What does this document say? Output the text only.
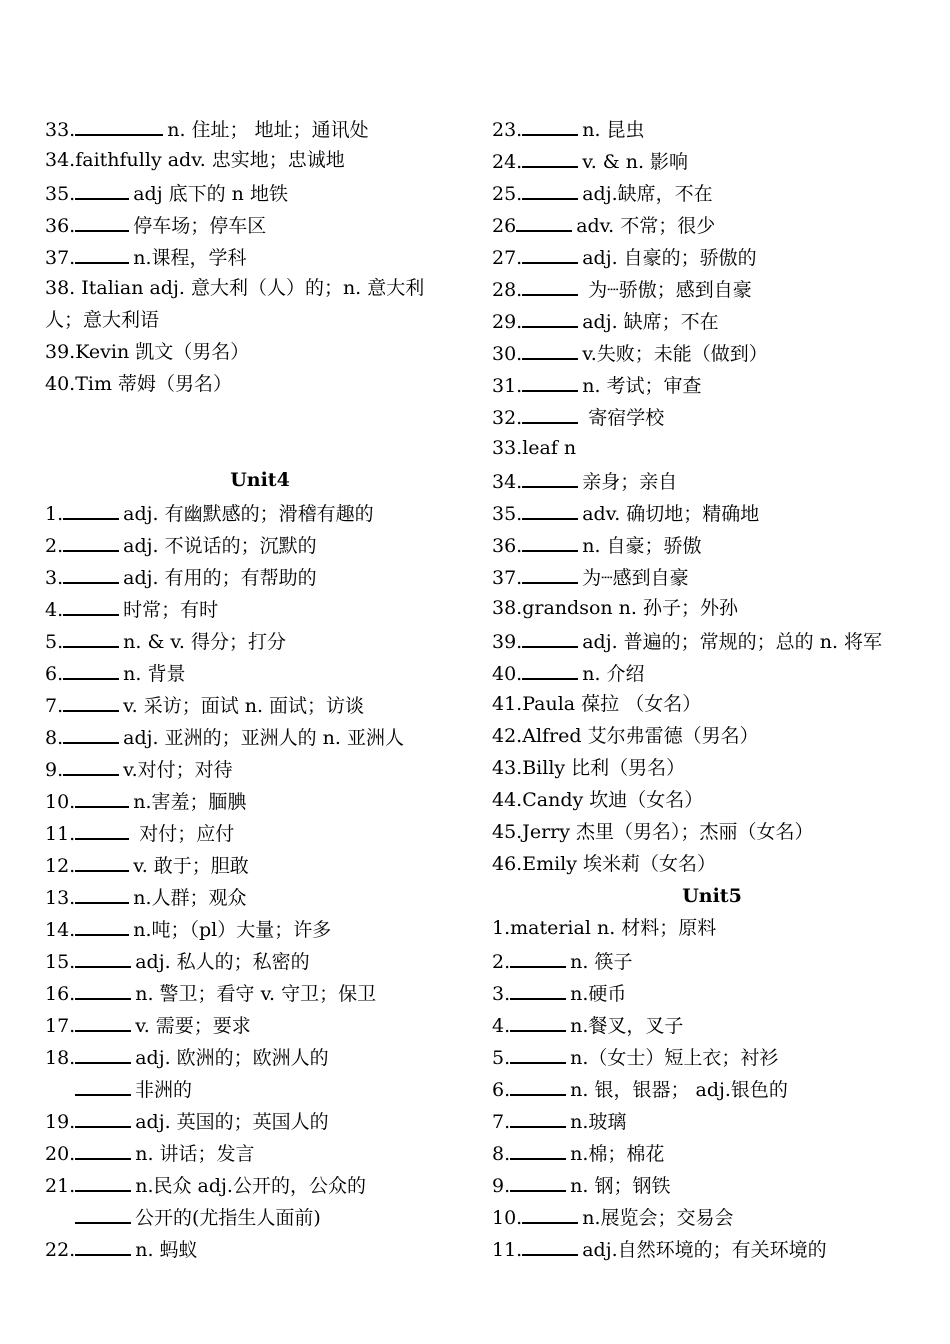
33.	n. 住址； 地址；通讯处
34.faithfully adv. 忠实地；忠诚地
35.	adj 底下的 n 地铁
36.	停车场；停车区
37.	n.课程，学科
38. Italian adj. 意大利（人）的；n. 意大利
人；意大利语
39.Kevin 凯文（男名）
40.Tim 蒂姆（男名）
Unit4
1.	adj. 有幽默感的；滑稽有趣的
2.	adj. 不说话的；沉默的
3.	adj. 有用的；有帮助的
4.	时常；有时
5.	n. & v. 得分；打分
6.	n. 背景
7.	v. 采访；面试 n. 面试；访谈
8.	adj. 亚洲的；亚洲人的 n. 亚洲人
9.	v.对付；对待
10.	n.害羞；腼腆
11.	对付；应付
12.	v. 敢于；胆敢
13.	n.人群；观众
14.	n.吨；（pl）大量；许多
15.	adj. 私人的；私密的
16.	n. 警卫；看守 v. 守卫；保卫
17.	v. 需要；要求
18.	adj. 欧洲的；欧洲人的
非洲的
19.	adj. 英国的；英国人的
20.	n. 讲话；发言
21.	n.民众 adj.公开的，公众的
公开的(尤指生人面前)
22.	n. 蚂蚁
23.	n. 昆虫
24.	v. & n. 影响
25.	adj.缺席，不在
26	adv. 不常；很少
27.	adj. 自豪的；骄傲的
28.	为┈骄傲；感到自豪
29.	adj. 缺席；不在
30.	v.失败；未能（做到）
31.	n. 考试；审查
32.	寄宿学校
33.leaf n
34.	亲身；亲自
35.	adv. 确切地；精确地
36.	n. 自豪；骄傲
37.	为┈感到自豪
38.grandson n. 孙子；外孙
39.	adj. 普遍的；常规的；总的 n. 将军
40.	n. 介绍
41.Paula 葆拉 （女名）
42.Alfred 艾尔弗雷德（男名）
43.Billy 比利（男名）
44.Candy 坎迪（女名）
45.Jerry 杰里（男名）；杰丽（女名）
46.Emily 埃米莉（女名）
Unit5
1.material n. 材料；原料
2.	n. 筷子
3.	n.硬币
4.	n.餐叉，叉子
5.	n.（女士）短上衣；衬衫
6.	n. 银，银器； adj.银色的
7.	n.玻璃
8.	n.棉；棉花
9.	n. 钢；钢铁
10.	n.展览会；交易会
11.	adj.自然环境的；有关环境的
